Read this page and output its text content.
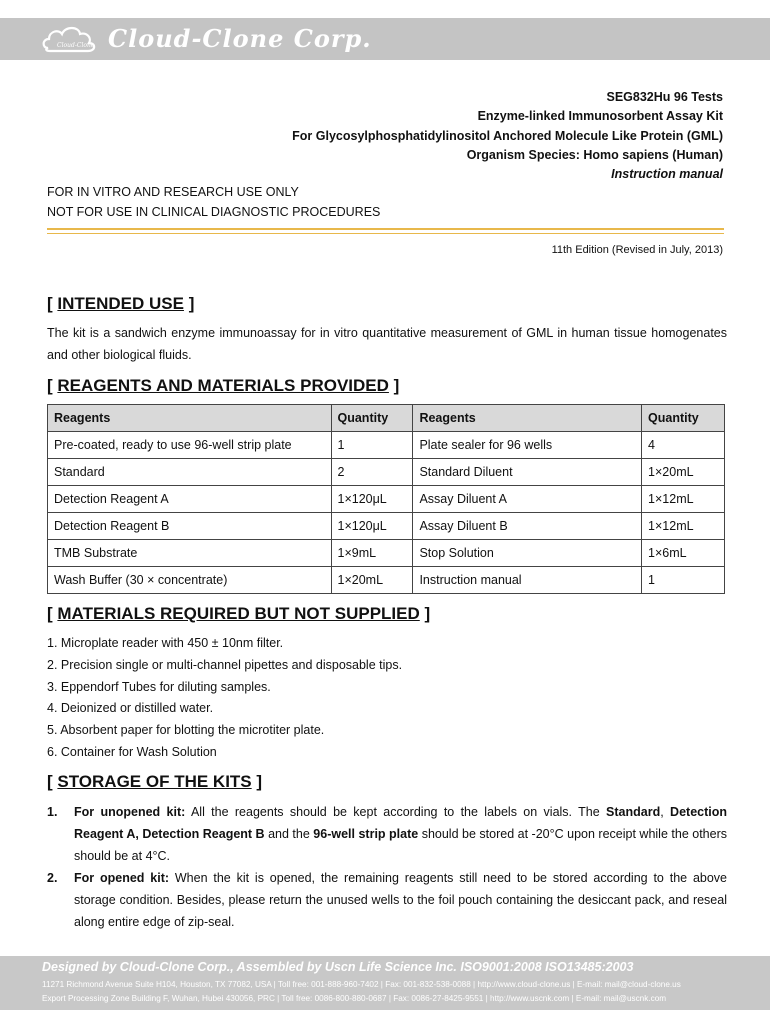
Cloud-Clone Cloud-Clone Corp.
SEG832Hu 96 Tests
Enzyme-linked Immunosorbent Assay Kit
For Glycosylphosphatidylinositol Anchored Molecule Like Protein (GML)
Organism Species: Homo sapiens (Human)
Instruction manual
FOR IN VITRO AND RESEARCH USE ONLY
NOT FOR USE IN CLINICAL DIAGNOSTIC PROCEDURES
11th Edition (Revised in July, 2013)
[ INTENDED USE ]
The kit is a sandwich enzyme immunoassay for in vitro quantitative measurement of GML in human tissue homogenates and other biological fluids.
[ REAGENTS AND MATERIALS PROVIDED ]
Reagents	Quantity	Reagents	Quantity
Pre-coated, ready to use 96-well strip plate	1	Plate sealer for 96 wells	4
Standard	2	Standard Diluent	1×20mL
Detection Reagent A	1×120μL	Assay Diluent A	1×12mL
Detection Reagent B	1×120μL	Assay Diluent B	1×12mL
TMB Substrate	1×9mL	Stop Solution	1×6mL
Wash Buffer (30 × concentrate)	1×20mL	Instruction manual	1
[ MATERIALS REQUIRED BUT NOT SUPPLIED ]
1. Microplate reader with 450 ± 10nm filter.
2. Precision single or multi-channel pipettes and disposable tips.
3. Eppendorf Tubes for diluting samples.
4. Deionized or distilled water.
5. Absorbent paper for blotting the microtiter plate.
6. Container for Wash Solution
[ STORAGE OF THE KITS ]
1. For unopened kit: All the reagents should be kept according to the labels on vials. The Standard, Detection Reagent A, Detection Reagent B and the 96-well strip plate should be stored at -20°C upon receipt while the others should be at 4°C.
2. For opened kit: When the kit is opened, the remaining reagents still need to be stored according to the above storage condition. Besides, please return the unused wells to the foil pouch containing the desiccant pack, and reseal along entire edge of zip-seal.
Designed by Cloud-Clone Corp., Assembled by Uscn Life Science Inc. ISO9001:2008 ISO13485:2003
11271 Richmond Avenue Suite H104, Houston, TX 77082, USA | Toll free: 001-888-960-7402 | Fax: 001-832-538-0088 | http://www.cloud-clone.us | E-mail: mail@cloud-clone.us
Export Processing Zone Building F, Wuhan, Hubei 430056, PRC | Toll free: 0086-800-880-0687 | Fax: 0086-27-8425-9551 | http://www.uscnk.com | E-mail: mail@uscnk.com
